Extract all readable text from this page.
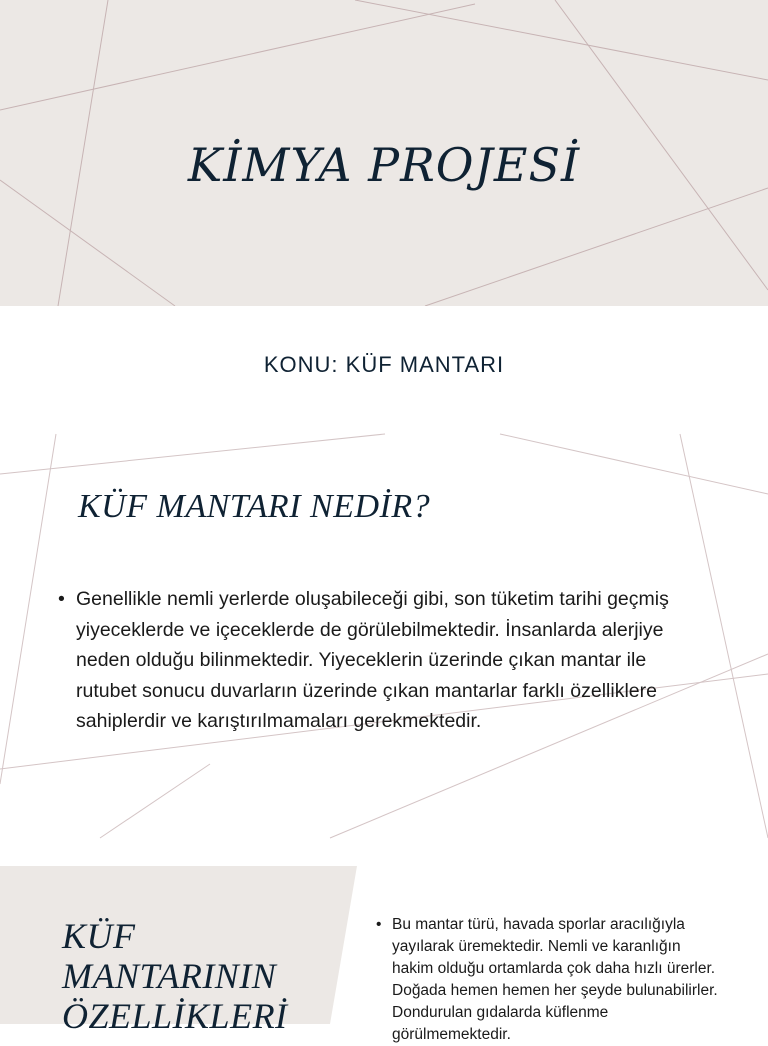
KİMYA PROJESİ
KONU: KÜF MANTARI
KÜF MANTARI NEDİR?
• Genellikle nemli yerlerde oluşabileceği gibi, son tüketim tarihi geçmiş yiyeceklerde ve içeceklerde de görülebilmektedir. İnsanlarda alerjiye neden olduğu bilinmektedir. Yiyeceklerin üzerinde çıkan mantar ile rutubet sonucu duvarların üzerinde çıkan mantarlar farklı özelliklere sahiplerdir ve karıştırılmamaları gerekmektedir.
KÜF
MANTARININ
ÖZELLİKLERİ
• Bu mantar türü, havada sporlar aracılığıyla yayılarak üremektedir. Nemli ve karanlığın hakim olduğu ortamlarda çok daha hızlı ürerler. Doğada hemen hemen her şeyde bulunabilirler. Dondurulan gıdalarda küflenme görülmemektedir.
